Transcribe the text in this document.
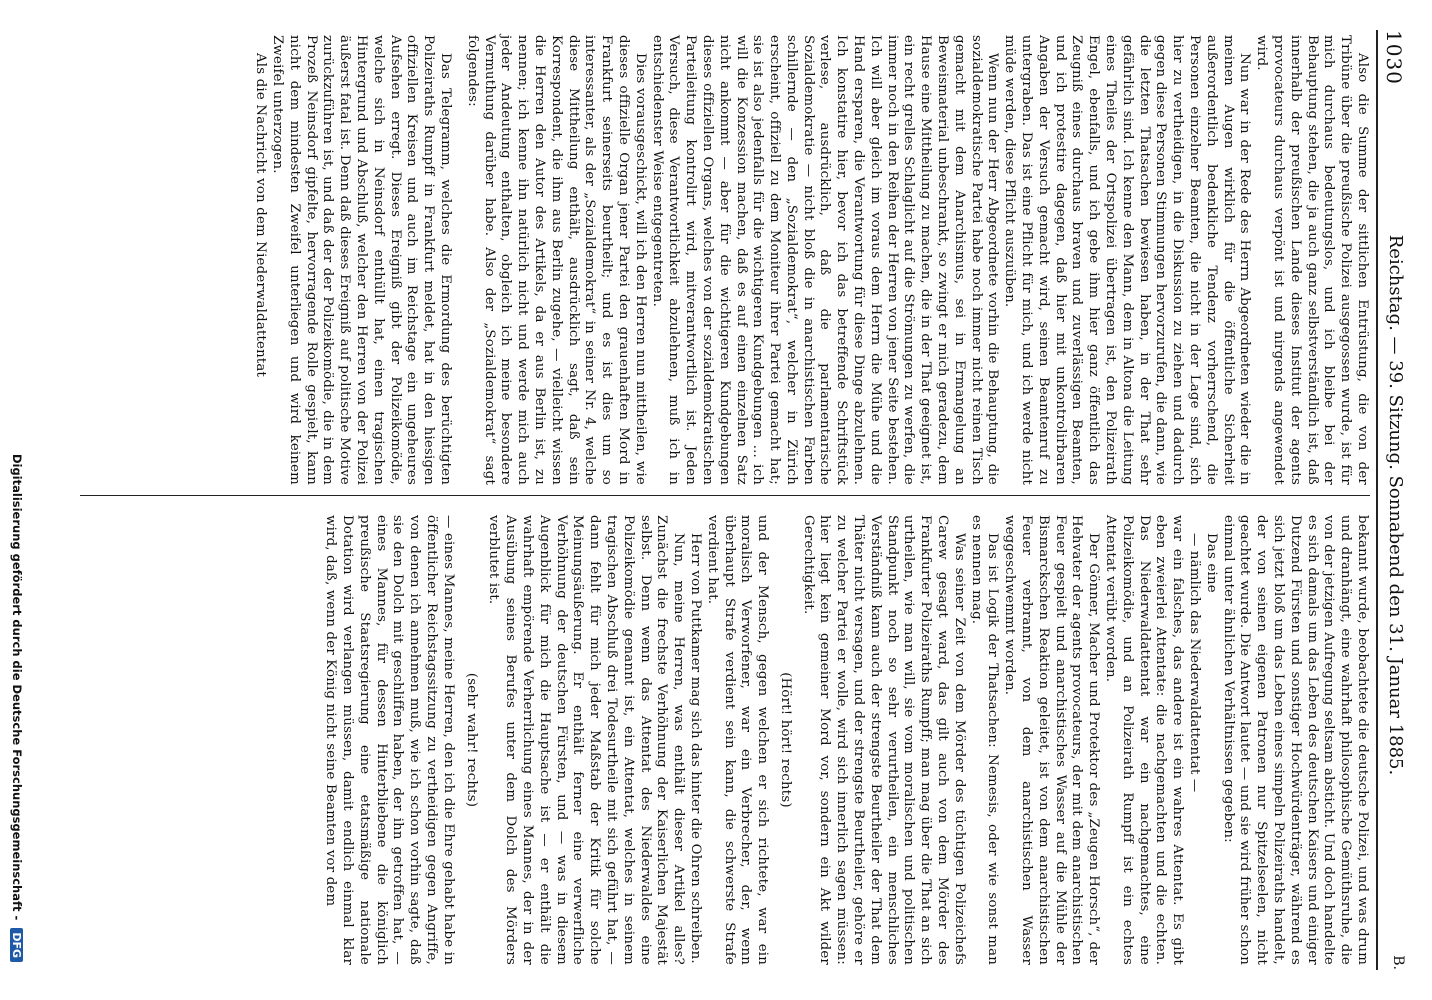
1030
Reichstag. — 39. Sitzung. Sonnabend den 31. Januar 1885.
B.

Also die Summe der sittlichen Entrüstung, die von der Tribüne über die preußische Polizei ausgegossen wurde, ist für mich durchaus bedeutungslos, und ich bleibe bei der Behauptung stehen, die ja auch ganz selbstverständlich ist, daß innerhalb der preußischen Lande dieses Institut der agents provocateurs durchaus verpönt ist und nirgends angewendet wird.

Nun war in der Rede des Herrn Abgeordneten wieder die in meinen Augen wirklich für die öffentliche Sicherheit außerordentlich bedenkliche Tendenz vorherrschend, die Personen einzelner Beamten, die nicht in der Lage sind, sich hier zu vertheidigen, in die Diskussion zu ziehen und dadurch gegen diese Personen Stimmungen hervorzurufen, die dann, wie die letzten Thatsachen bewiesen haben, in der That sehr gefährlich sind. Ich kenne den Mann, dem in Altona die Leitung eines Theiles der Ortspolizei übertragen ist, den Polizeirath Engel, ebenfalls, und ich gebe ihm hier ganz öffentlich das Zeugniß eines durchaus braven und zuverlässigen Beamten, und ich protestire dagegen, daß hier mit unkontrolirbaren Angaben der Versuch gemacht wird, seinen Beamtenruf zu untergraben. Das ist eine Pflicht für mich, und ich werde nicht müde werden, diese Pflicht auszuüben.

Wenn nun der Herr Abgeordnete vorhin die Behauptung, die sozialdemokratische Partei habe noch immer nicht reinen Tisch gemacht mit dem Anarchismus, sei in Ermangelung an Beweismaterial unbeschrankt, so zwingt er mich geradezu, dem Hause eine Mittheilung zu machen, die in der That geeignet ist, ein recht grelles Schlaglicht auf die Strömungen zu werfen, die immer noch in den Reihen der Herren von jener Seite bestehen. Ich will aber gleich im voraus dem Herrn die Mühe und die Hand ersparen, die Verantwortung für diese Dinge abzulehnen. Ich konstatire hier, bevor ich das betreffende Schriftstück verlese, ausdrücklich, daß die parlamentarische Sozialdemokratie — nicht bloß die in anarchistischen Farben schillernde — den „Sozialdemokrat“, welcher in Zürich erscheint, offiziell zu dem Moniteur ihrer Partei gemacht hat; sie ist also jedenfalls für die wichtigeren Kundgebungen ... ich will die Konzession machen, daß es auf einen einzelnen Satz nicht ankommt — aber für die wichtigeren Kundgebungen dieses offiziellen Organs, welches von der sozialdemokratischen Parteileitung kontrolirt wird, mitverantwortlich ist. Jeden Versuch, diese Verantwortlichkeit abzulehnen, muß ich in entschiedenster Weise entgegentreten.

Dies vorausgeschickt, will ich den Herren nun mittheilen, wie dieses offizielle Organ jener Partei den grauenhaften Mord in Frankfurt seinerseits beurtheilt; und es ist dies um so interessanter, als der „Sozialdemokrat“ in seiner Nr. 4, welche diese Mittheilung enthält, ausdrücklich sagt, daß sein Korrespondent, die ihm aus Berlin zugehe, — vielleicht wissen die Herren den Autor des Artikels, da er aus Berlin ist, zu nennen; ich kenne ihn natürlich nicht und werde mich auch jeder Andeutung enthalten, obgleich ich meine besondere Vermuthung darüber habe. Also der „Sozialdemokrat“ sagt folgendes:

Das Telegramm, welches die Ermordung des berüchtigten Polizeiraths Rumpff in Frankfurt meldet, hat in den hiesigen offiziellen Kreisen und auch im Reichstage ein ungeheures Aufsehen erregt. Dieses Ereigniß gibt der Polizeikomödie, welche sich in Neinsdorf enthüllt hat, einen tragischen Hintergrund und Abschluß, welcher den Herren von der Polizei äußerst fatal ist. Denn daß dieses Ereigniß auf politische Motive zurückzuführen ist, und daß der der Polizeikomödie, die in dem Prozeß Neinsdorf gipfelte, hervorragende Rolle gespielt, kann nicht dem mindesten Zweifel unterliegen und wird keinem Zweifel unterzogen.

Als die Nachricht von dem Niederwaldattentat

bekannt wurde, beobachtete die deutsche Polizei, und was drum und dranhängt, eine wahrhaft philosophische Gemüthsruhe, die von der jetzigen Aufregung seltsam absticht. Und doch handelte es sich damals um das Leben des deutschen Kaisers und einiger Dutzend Fürsten und sonstiger Hochwürdenträger, während es sich jetzt bloß um das Leben eines simpeln Polizeiraths handelt, der von seinen eigenen Patronen nur Spitzelseelen, nicht geachtet wurde. Die Antwort lautet — und sie wird früher schon einmal unter ähnlichen Verhältnissen gegeben:

Das eine

— nämlich das Niederwaldattentat —

war ein falsches, das andere ist ein wahres Attentat. Es gibt eben zweierlei Attentate: die nachgemachten und die echten. Das Niederwaldattentat war ein nachgemachtes, eine Polizeikomödie, und an Polizeirath Rumpff ist ein echtes Attentat verübt worden.

Der Gönner, Macher und Protektor des „Zeugen Horsch“, der Hehvater der agents provocateurs, der mit dem anarchistischen Feuer gespielt und anarchistisches Wasser auf die Mühle der Bismarckschen Reaktion geleitet, ist von dem anarchistischen Feuer verbrannt, von dem anarchistischen Wasser weggeschwemmt worden.

Das ist Logik der Thatsachen: Nemesis, oder wie sonst man es nennen mag.

Was seiner Zeit von dem Mörder des tüchtigen Polizeichefs Carew gesagt ward, das gilt auch von dem Mörder des Frankfurter Polizeiraths Rumpff; man mag über die That an sich urtheilen, wie man will, sie vom moralischen und politischen Standpunkt noch so sehr verurtheilen, ein menschliches Verständniß kann auch der strengste Beurtheiler der That dem Thäter nicht versagen, und der strengste Beurtheiler, gehöre er zu welcher Partei er wolle, wird sich innerlich sagen müssen: hier liegt kein gemeiner Mord vor, sondern ein Akt wilder Gerechtigkeit.

(Hört! hört! rechts)

und der Mensch, gegen welchen er sich richtete, war ein moralisch Verworfener, war ein Verbrecher, der, wenn überhaupt Strafe verdient sein kann, die schwerste Strafe verdient hat.

Herr von Puttkamer mag sich das hinter die Ohren schreiben.

Nun, meine Herren, was enthält dieser Artikel alles? Zunächst die frechste Verhöhnung der Kaiserlichen Majestät selbst. Denn wenn das Attentat des Niederwaldes eine Polizeikomödie genannt ist, ein Attentat, welches in seinem tragischen Abschluß drei Todesurtheile mit sich geführt hat, — dann fehlt für mich jeder Maßstab der Kritik für solche Meinungsäußerung. Er enthält ferner eine verwerfliche Verhöhnung der deutschen Fürsten, und — was in diesem Augenblick für mich die Hauptsache ist — er enthält die wahrhaft empörende Verherrlichung eines Mannes, der in der Ausübung seines Berufes unter dem Dolch des Mörders verblutet ist.

(sehr wahr! rechts)

— eines Mannes, meine Herren, den ich die Ehre gehabt habe in öffentlicher Reichstagssitzung zu vertheidigen gegen Angriffe, von denen ich annehmen muß, wie ich schon vorhin sagte, daß sie den Dolch mit geschliffen haben, der ihn getroffen hat, — eines Mannes, für dessen Hinterbliebene die königlich preußische Staatsregierung eine etatsmäßige nationale Dotation wird verlangen müssen, damit endlich einmal klar wird, daß, wenn der König nicht seine Beamten vor dem

Digitalisierung gefördert durch die Deutsche Forschungsgemeinschaft - DFG
